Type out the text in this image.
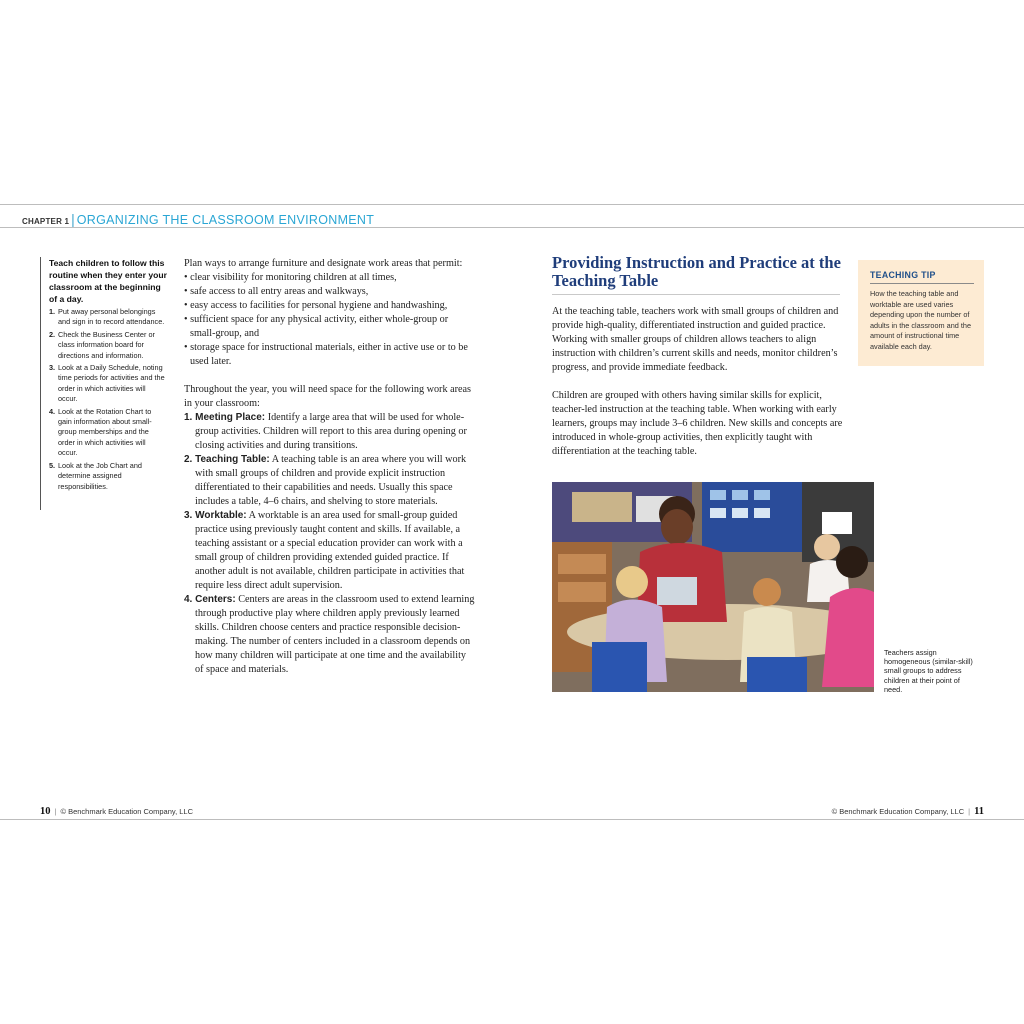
CHAPTER 1 | ORGANIZING THE CLASSROOM ENVIRONMENT

Teach children to follow this routine when they enter your classroom at the beginning of a day.

1. Put away personal belongings and sign in to record attendance.
2. Check the Business Center or class information board for directions and information.
3. Look at a Daily Schedule, noting time periods for activities and the order in which activities will occur.
4. Look at the Rotation Chart to gain information about small-group memberships and the order in which activities will occur.
5. Look at the Job Chart and determine assigned responsibilities.

Plan ways to arrange furniture and designate work areas that permit:

• clear visibility for monitoring children at all times,

• safe access to all entry areas and walkways,

• easy access to facilities for personal hygiene and handwashing,

• sufficient space for any physical activity, either whole-group or small-group, and

• storage space for instructional materials, either in active use or to be used later.

Throughout the year, you will need space for the following work areas in your classroom:

1. Meeting Place: Identify a large area that will be used for whole-group activities. Children will report to this area during opening or closing activities and during transitions.

2. Teaching Table: A teaching table is an area where you will work with small groups of children and provide explicit instruction differentiated to their capabilities and needs. Usually this space includes a table, 4–6 chairs, and shelving to store materials.

3. Worktable: A worktable is an area used for small-group guided practice using previously taught content and skills. If available, a teaching assistant or a special education provider can work with a small group of children providing extended guided practice. If another adult is not available, children participate in activities that require less direct adult supervision.

4. Centers: Centers are areas in the classroom used to extend learning through productive play where children apply previously learned skills. Children choose centers and practice responsible decision-making. The number of centers included in a classroom depends on how many children will participate at one time and the availability of space and materials.

Providing Instruction and Practice at the Teaching Table

At the teaching table, teachers work with small groups of children and provide high-quality, differentiated instruction and guided practice. Working with smaller groups of children allows teachers to align instruction with children’s current skills and needs, monitor children’s progress, and provide immediate feedback.

Children are grouped with others having similar skills for explicit, teacher-led instruction at the teaching table. When working with early learners, groups may include 3–6 children. New skills and concepts are introduced in whole-group activities, then explicitly taught with differentiation at the teaching table.

TEACHING TIP
How the teaching table and worktable are used varies depending upon the number of adults in the classroom and the amount of instructional time available each day.
Teachers assign homogeneous (similar-skill) small groups to address children at their point of need.
10 | © Benchmark Education Company, LLC	© Benchmark Education Company, LLC | 11
